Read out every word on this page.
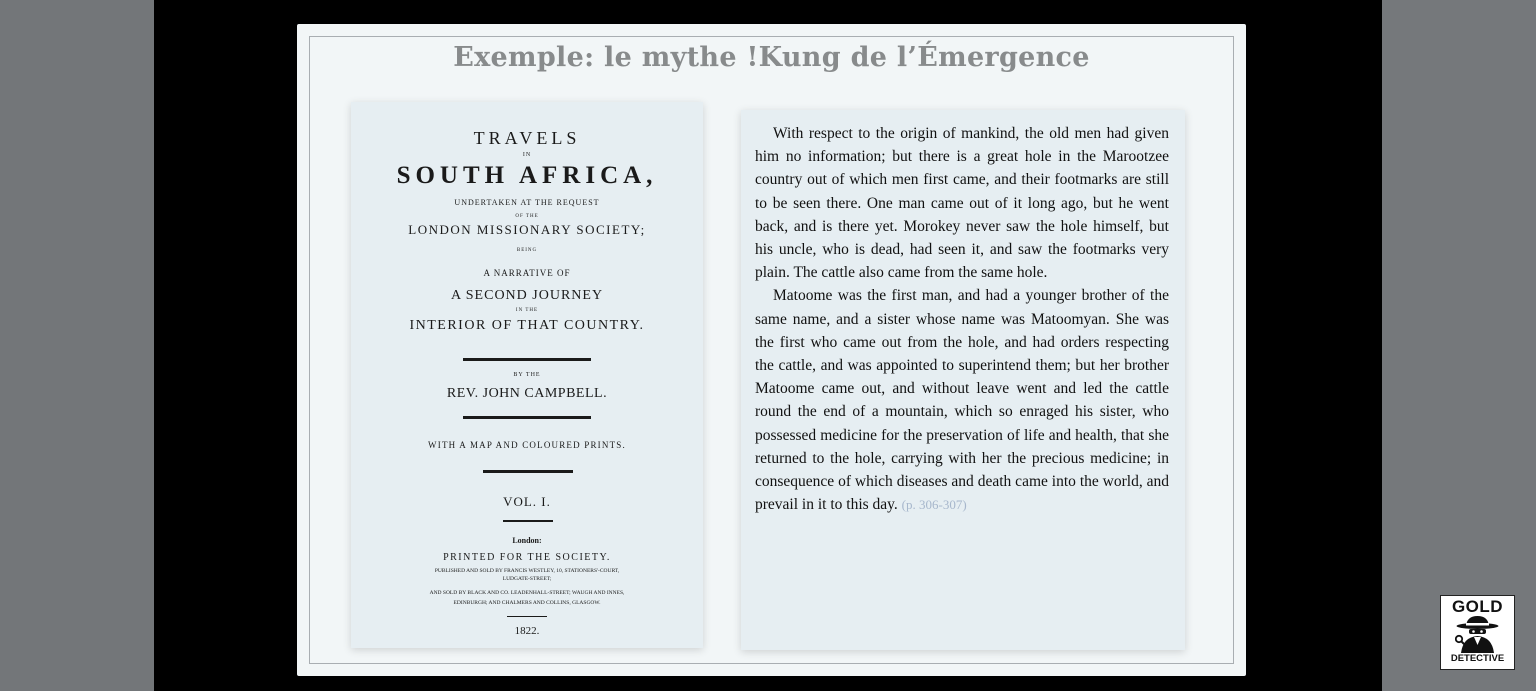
Exemple: le mythe !Kung de l’Émergence
TRAVELS
IN
SOUTH AFRICA,
UNDERTAKEN AT THE REQUEST
OF THE
LONDON MISSIONARY SOCIETY;
BEING
A NARRATIVE OF
A SECOND JOURNEY
IN THE
INTERIOR OF THAT COUNTRY.
BY THE
REV. JOHN CAMPBELL.
WITH A MAP AND COLOURED PRINTS.
VOL. I.
London:
PRINTED FOR THE SOCIETY.
PUBLISHED AND SOLD BY FRANCIS WESTLEY, 10, STATIONERS'-COURT,
LUDGATE-STREET;
AND SOLD BY BLACK AND CO. LEADENHALL-STREET; WAUGH AND INNES,
EDINBURGH; AND CHALMERS AND COLLINS, GLASGOW.
1822.

With respect to the origin of mankind, the old men had given him no information; but there is a great hole in the Marootzee country out of which men first came, and their footmarks are still to be seen there. One man came out of it long ago, but he went back, and is there yet. Morokey never saw the hole himself, but his uncle, who is dead, had seen it, and saw the footmarks very plain. The cattle also came from the same hole.

Matoome was the first man, and had a younger brother of the same name, and a sister whose name was Matoomyan. She was the first who came out from the hole, and had orders respecting the cattle, and was appointed to superintend them; but her brother Matoome came out, and without leave went and led the cattle round the end of a mountain, which so enraged his sister, who possessed medicine for the preservation of life and health, that she returned to the hole, carrying with her the precious medicine; in consequence of which diseases and death came into the world, and prevail in it to this day. (p. 306-307)

GOLD
DETECTIVE
